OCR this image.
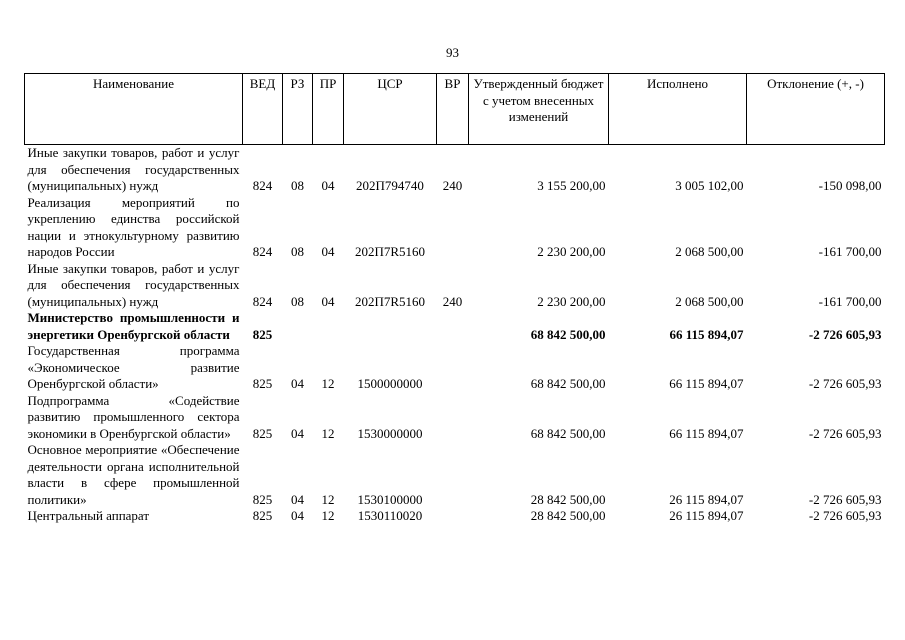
93
Наименование	ВЕД	РЗ	ПР	ЦСР	ВР	Утвержденный бюджет с учетом внесенных изменений	Исполнено	Отклонение (+, -)

Иные закупки товаров, работ и услуг для обеспечения государственных (муниципальных) нужд	824	08	04	202П794740	240	3 155 200,00	3 005 102,00	-150 098,00

Реализация мероприятий по укреплению единства российской нации и этнокультурному развитию народов России	824	08	04	202П7R5160		2 230 200,00	2 068 500,00	-161 700,00

Иные закупки товаров, работ и услуг для обеспечения государственных (муниципальных) нужд	824	08	04	202П7R5160	240	2 230 200,00	2 068 500,00	-161 700,00

Министерство промышленности и энергетики Оренбургской области	825					68 842 500,00	66 115 894,07	-2 726 605,93

Государственная программа «Экономическое развитие Оренбургской области»	825	04	12	1500000000		68 842 500,00	66 115 894,07	-2 726 605,93

Подпрограмма «Содействие развитию промышленного сектора экономики в Оренбургской области»	825	04	12	1530000000		68 842 500,00	66 115 894,07	-2 726 605,93

Основное мероприятие «Обеспечение деятельности органа исполнительной власти в сфере промышленной политики»	825	04	12	1530100000		28 842 500,00	26 115 894,07	-2 726 605,93

Центральный аппарат	825	04	12	1530110020		28 842 500,00	26 115 894,07	-2 726 605,93
